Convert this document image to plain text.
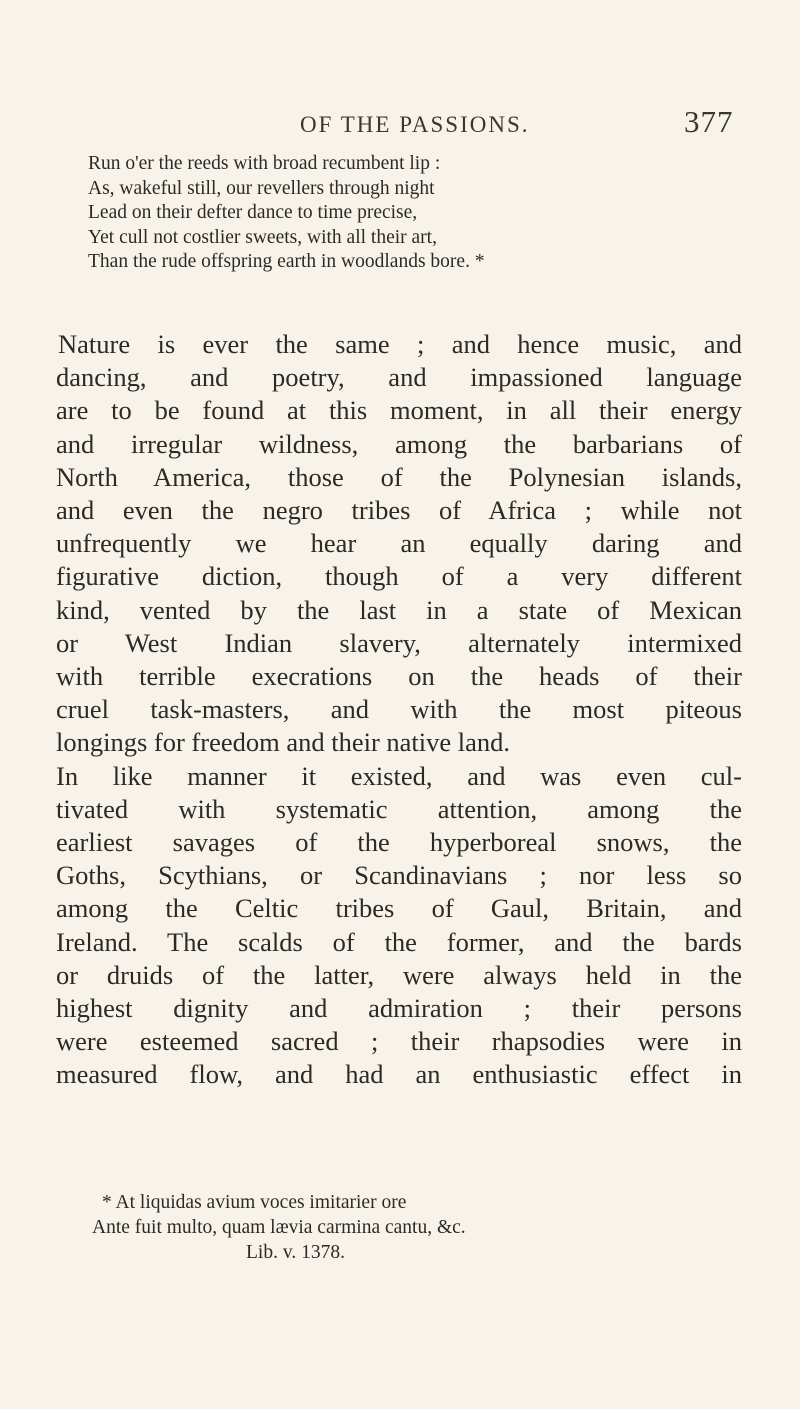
OF THE PASSIONS.	377
Run o'er the reeds with broad recumbent lip :
As, wakeful still, our revellers through night
Lead on their defter dance to time precise,
Yet cull not costlier sweets, with all their art,
Than the rude offspring earth in woodlands bore. *
Nature is ever the same ; and hence music, and
dancing, and poetry, and impassioned language
are to be found at this moment, in all their energy
and irregular wildness, among the barbarians of
North America, those of the Polynesian islands,
and even the negro tribes of Africa ; while not
unfrequently we hear an equally daring and
figurative diction, though of a very different
kind, vented by the last in a state of Mexican
or West Indian slavery, alternately intermixed
with terrible execrations on the heads of their
cruel task-masters, and with the most piteous
longings for freedom and their native land.
In like manner it existed, and was even cul-
tivated with systematic attention, among the
earliest savages of the hyperboreal snows, the
Goths, Scythians, or Scandinavians ; nor less so
among the Celtic tribes of Gaul, Britain, and
Ireland. The scalds of the former, and the bards
or druids of the latter, were always held in the
highest dignity and admiration ; their persons
were esteemed sacred ; their rhapsodies were in
measured flow, and had an enthusiastic effect in
* At liquidas avium voces imitarier ore
Ante fuit multo, quam lævia carmina cantu, &c.
Lib. v. 1378.
